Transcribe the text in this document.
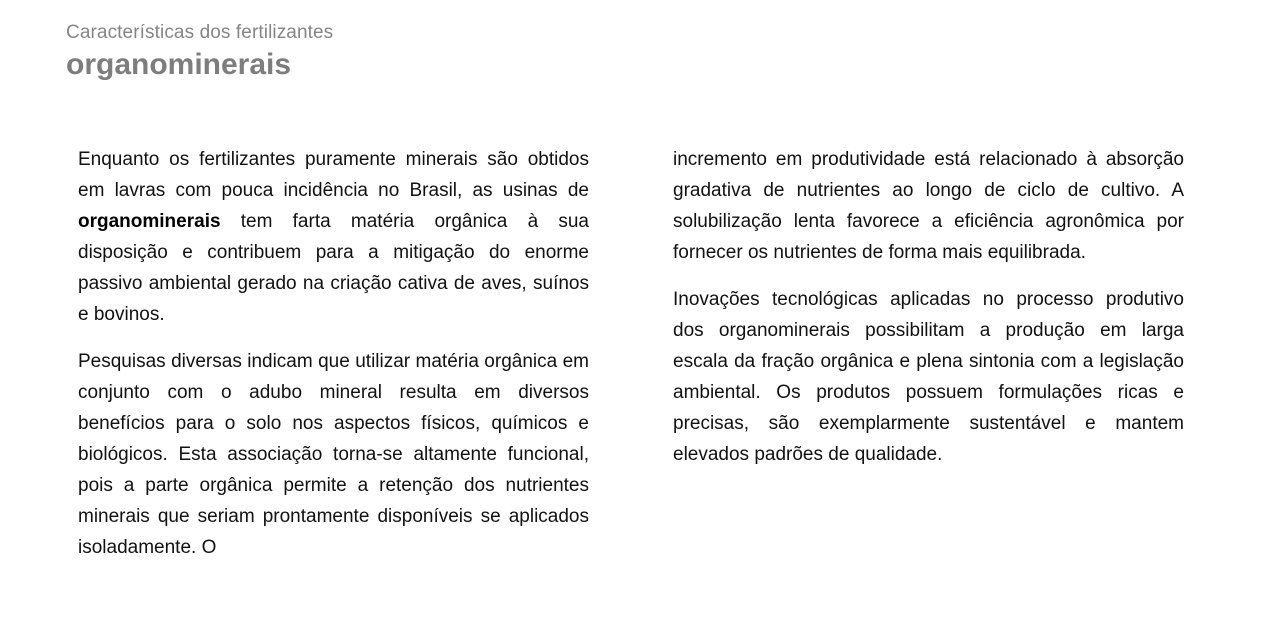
Características dos fertilizantes
organominerais

Enquanto os fertilizantes puramente minerais são obtidos em lavras com pouca incidência no Brasil, as usinas de organominerais tem farta matéria orgânica à sua disposição e contribuem para a mitigação do enorme passivo ambiental gerado na criação cativa de aves, suínos e bovinos.

Pesquisas diversas indicam que utilizar matéria orgânica em conjunto com o adubo mineral resulta em diversos benefícios para o solo nos aspectos físicos, químicos e biológicos. Esta associação torna-se altamente funcional, pois a parte orgânica permite a retenção dos nutrientes minerais que seriam prontamente disponíveis se aplicados isoladamente. O

incremento em produtividade está relacionado à absorção gradativa de nutrientes ao longo de ciclo de cultivo. A solubilização lenta favorece a eficiência agronômica por fornecer os nutrientes de forma mais equilibrada.

Inovações tecnológicas aplicadas no processo produtivo dos organominerais possibilitam a produção em larga escala da fração orgânica e plena sintonia com a legislação ambiental. Os produtos possuem formulações ricas e precisas, são exemplarmente sustentável e mantem elevados padrões de qualidade.
